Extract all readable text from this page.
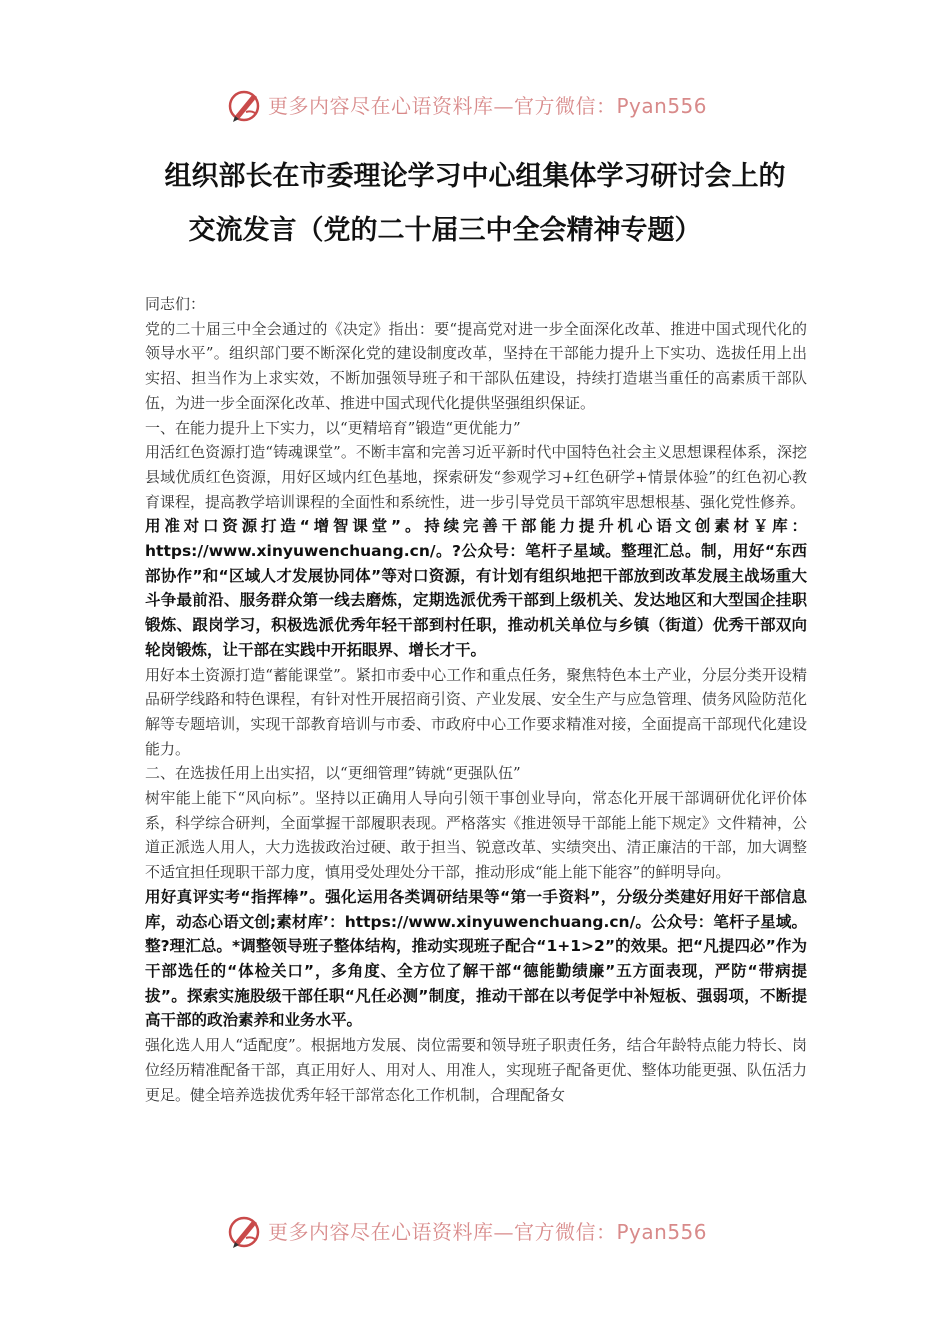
更多内容尽在心语资料库—官方微信：Pyan556
组织部长在市委理论学习中心组集体学习研讨会上的

交流发言（党的二十届三中全会精神专题）

同志们：

党的二十届三中全会通过的《决定》指出：要“提高党对进一步全面深化改革、推进中国式现代化的领导水平”。组织部门要不断深化党的建设制度改革，坚持在干部能力提升上下实功、选拔任用上出实招、担当作为上求实效，不断加强领导班子和干部队伍建设，持续打造堪当重任的高素质干部队伍，为进一步全面深化改革、推进中国式现代化提供坚强组织保证。

一、在能力提升上下实力，以“更精培育”锻造“更优能力”

用活红色资源打造“铸魂课堂”。不断丰富和完善习近平新时代中国特色社会主义思想课程体系，深挖县域优质红色资源，用好区域内红色基地，探索研发“参观学习+红色研学+情景体验”的红色初心教育课程，提高教学培训课程的全面性和系统性，进一步引导党员干部筑牢思想根基、强化党性修养。

用准对口资源打造“增智课堂”。持续完善干部能力提升机心语文创素材￥库：https://www.xinyuwenchuang.cn/。?公众号：笔杆子星域。整理汇总。制，用好“东西部协作”和“区域人才发展协同体”等对口资源，有计划有组织地把干部放到改革发展主战场重大斗争最前沿、服务群众第一线去磨炼，定期选派优秀干部到上级机关、发达地区和大型国企挂职锻炼、跟岗学习，积极选派优秀年轻干部到村任职，推动机关单位与乡镇（街道）优秀干部双向轮岗锻炼，让干部在实践中开拓眼界、增长才干。

用好本土资源打造“蓄能课堂”。紧扣市委中心工作和重点任务，聚焦特色本土产业，分层分类开设精品研学线路和特色课程，有针对性开展招商引资、产业发展、安全生产与应急管理、债务风险防范化解等专题培训，实现干部教育培训与市委、市政府中心工作要求精准对接，全面提高干部现代化建设能力。

二、在选拔任用上出实招，以“更细管理”铸就“更强队伍”

树牢能上能下“风向标”。坚持以正确用人导向引领干事创业导向，常态化开展干部调研优化评价体系，科学综合研判，全面掌握干部履职表现。严格落实《推进领导干部能上能下规定》文件精神，公道正派选人用人，大力选拔政治过硬、敢于担当、锐意改革、实绩突出、清正廉洁的干部，加大调整不适宜担任现职干部力度，慎用受处理处分干部，推动形成“能上能下能容”的鲜明导向。

用好真评实考“指挥棒”。强化运用各类调研结果等“第一手资料”，分级分类建好用好干部信息库，动态心语文创;素材库’：https://www.xinyuwenchuang.cn/。公众号：笔杆子星域。整?理汇总。*调整领导班子整体结构，推动实现班子配合“1+1>2”的效果。把“凡提四必”作为干部选任的“体检关口”，多角度、全方位了解干部“德能勤绩廉”五方面表现，严防“带病提拔”。探索实施股级干部任职“凡任必测”制度，推动干部在以考促学中补短板、强弱项，不断提高干部的政治素养和业务水平。

强化选人用人“适配度”。根据地方发展、岗位需要和领导班子职责任务，结合年龄特点能力特长、岗位经历精准配备干部，真正用好人、用对人、用准人，实现班子配备更优、整体功能更强、队伍活力更足。健全培养选拔优秀年轻干部常态化工作机制，合理配备女

更多内容尽在心语资料库—官方微信：Pyan556
